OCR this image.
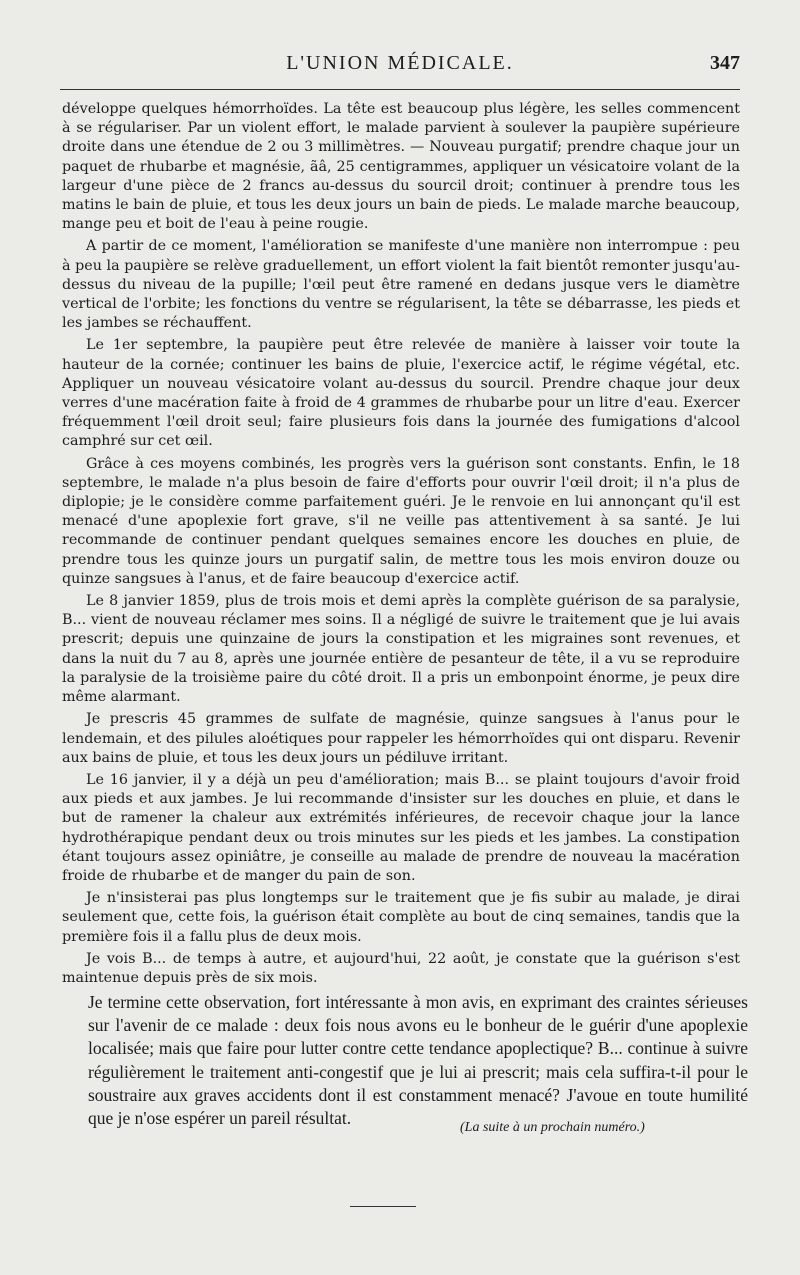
L'UNION MÉDICALE.	347

développe quelques hémorrhoïdes. La tête est beaucoup plus légère, les selles commencent à se régulariser. Par un violent effort, le malade parvient à soulever la paupière supérieure droite dans une étendue de 2 ou 3 millimètres. — Nouveau purgatif; prendre chaque jour un paquet de rhubarbe et magnésie, ãâ, 25 centigrammes, appliquer un vésicatoire volant de la largeur d'une pièce de 2 francs au-dessus du sourcil droit; continuer à prendre tous les matins le bain de pluie, et tous les deux jours un bain de pieds. Le malade marche beaucoup, mange peu et boit de l'eau à peine rougie.

A partir de ce moment, l'amélioration se manifeste d'une manière non interrompue : peu à peu la paupière se relève graduellement, un effort violent la fait bientôt remonter jusqu'au-dessus du niveau de la pupille; l'œil peut être ramené en dedans jusque vers le diamètre vertical de l'orbite; les fonctions du ventre se régularisent, la tête se débarrasse, les pieds et les jambes se réchauffent.

Le 1er septembre, la paupière peut être relevée de manière à laisser voir toute la hauteur de la cornée; continuer les bains de pluie, l'exercice actif, le régime végétal, etc. Appliquer un nouveau vésicatoire volant au-dessus du sourcil. Prendre chaque jour deux verres d'une macération faite à froid de 4 grammes de rhubarbe pour un litre d'eau. Exercer fréquemment l'œil droit seul; faire plusieurs fois dans la journée des fumigations d'alcool camphré sur cet œil.

Grâce à ces moyens combinés, les progrès vers la guérison sont constants. Enfin, le 18 septembre, le malade n'a plus besoin de faire d'efforts pour ouvrir l'œil droit; il n'a plus de diplopie; je le considère comme parfaitement guéri. Je le renvoie en lui annonçant qu'il est menacé d'une apoplexie fort grave, s'il ne veille pas attentivement à sa santé. Je lui recommande de continuer pendant quelques semaines encore les douches en pluie, de prendre tous les quinze jours un purgatif salin, de mettre tous les mois environ douze ou quinze sangsues à l'anus, et de faire beaucoup d'exercice actif.

Le 8 janvier 1859, plus de trois mois et demi après la complète guérison de sa paralysie, B... vient de nouveau réclamer mes soins. Il a négligé de suivre le traitement que je lui avais prescrit; depuis une quinzaine de jours la constipation et les migraines sont revenues, et dans la nuit du 7 au 8, après une journée entière de pesanteur de tête, il a vu se reproduire la paralysie de la troisième paire du côté droit. Il a pris un embonpoint énorme, je peux dire même alarmant.

Je prescris 45 grammes de sulfate de magnésie, quinze sangsues à l'anus pour le lendemain, et des pilules aloétiques pour rappeler les hémorrhoïdes qui ont disparu. Revenir aux bains de pluie, et tous les deux jours un pédiluve irritant.

Le 16 janvier, il y a déjà un peu d'amélioration; mais B... se plaint toujours d'avoir froid aux pieds et aux jambes. Je lui recommande d'insister sur les douches en pluie, et dans le but de ramener la chaleur aux extrémités inférieures, de recevoir chaque jour la lance hydrothérapique pendant deux ou trois minutes sur les pieds et les jambes. La constipation étant toujours assez opiniâtre, je conseille au malade de prendre de nouveau la macération froide de rhubarbe et de manger du pain de son.

Je n'insisterai pas plus longtemps sur le traitement que je fis subir au malade, je dirai seulement que, cette fois, la guérison était complète au bout de cinq semaines, tandis que la première fois il a fallu plus de deux mois.

Je vois B... de temps à autre, et aujourd'hui, 22 août, je constate que la guérison s'est maintenue depuis près de six mois.

Je termine cette observation, fort intéressante à mon avis, en exprimant des craintes sérieuses sur l'avenir de ce malade : deux fois nous avons eu le bonheur de le guérir d'une apoplexie localisée; mais que faire pour lutter contre cette tendance apoplectique? B... continue à suivre régulièrement le traitement anti-congestif que je lui ai prescrit; mais cela suffira-t-il pour le soustraire aux graves accidents dont il est constamment menacé? J'avoue en toute humilité que je n'ose espérer un pareil résultat.	(La suite à un prochain numéro.)
